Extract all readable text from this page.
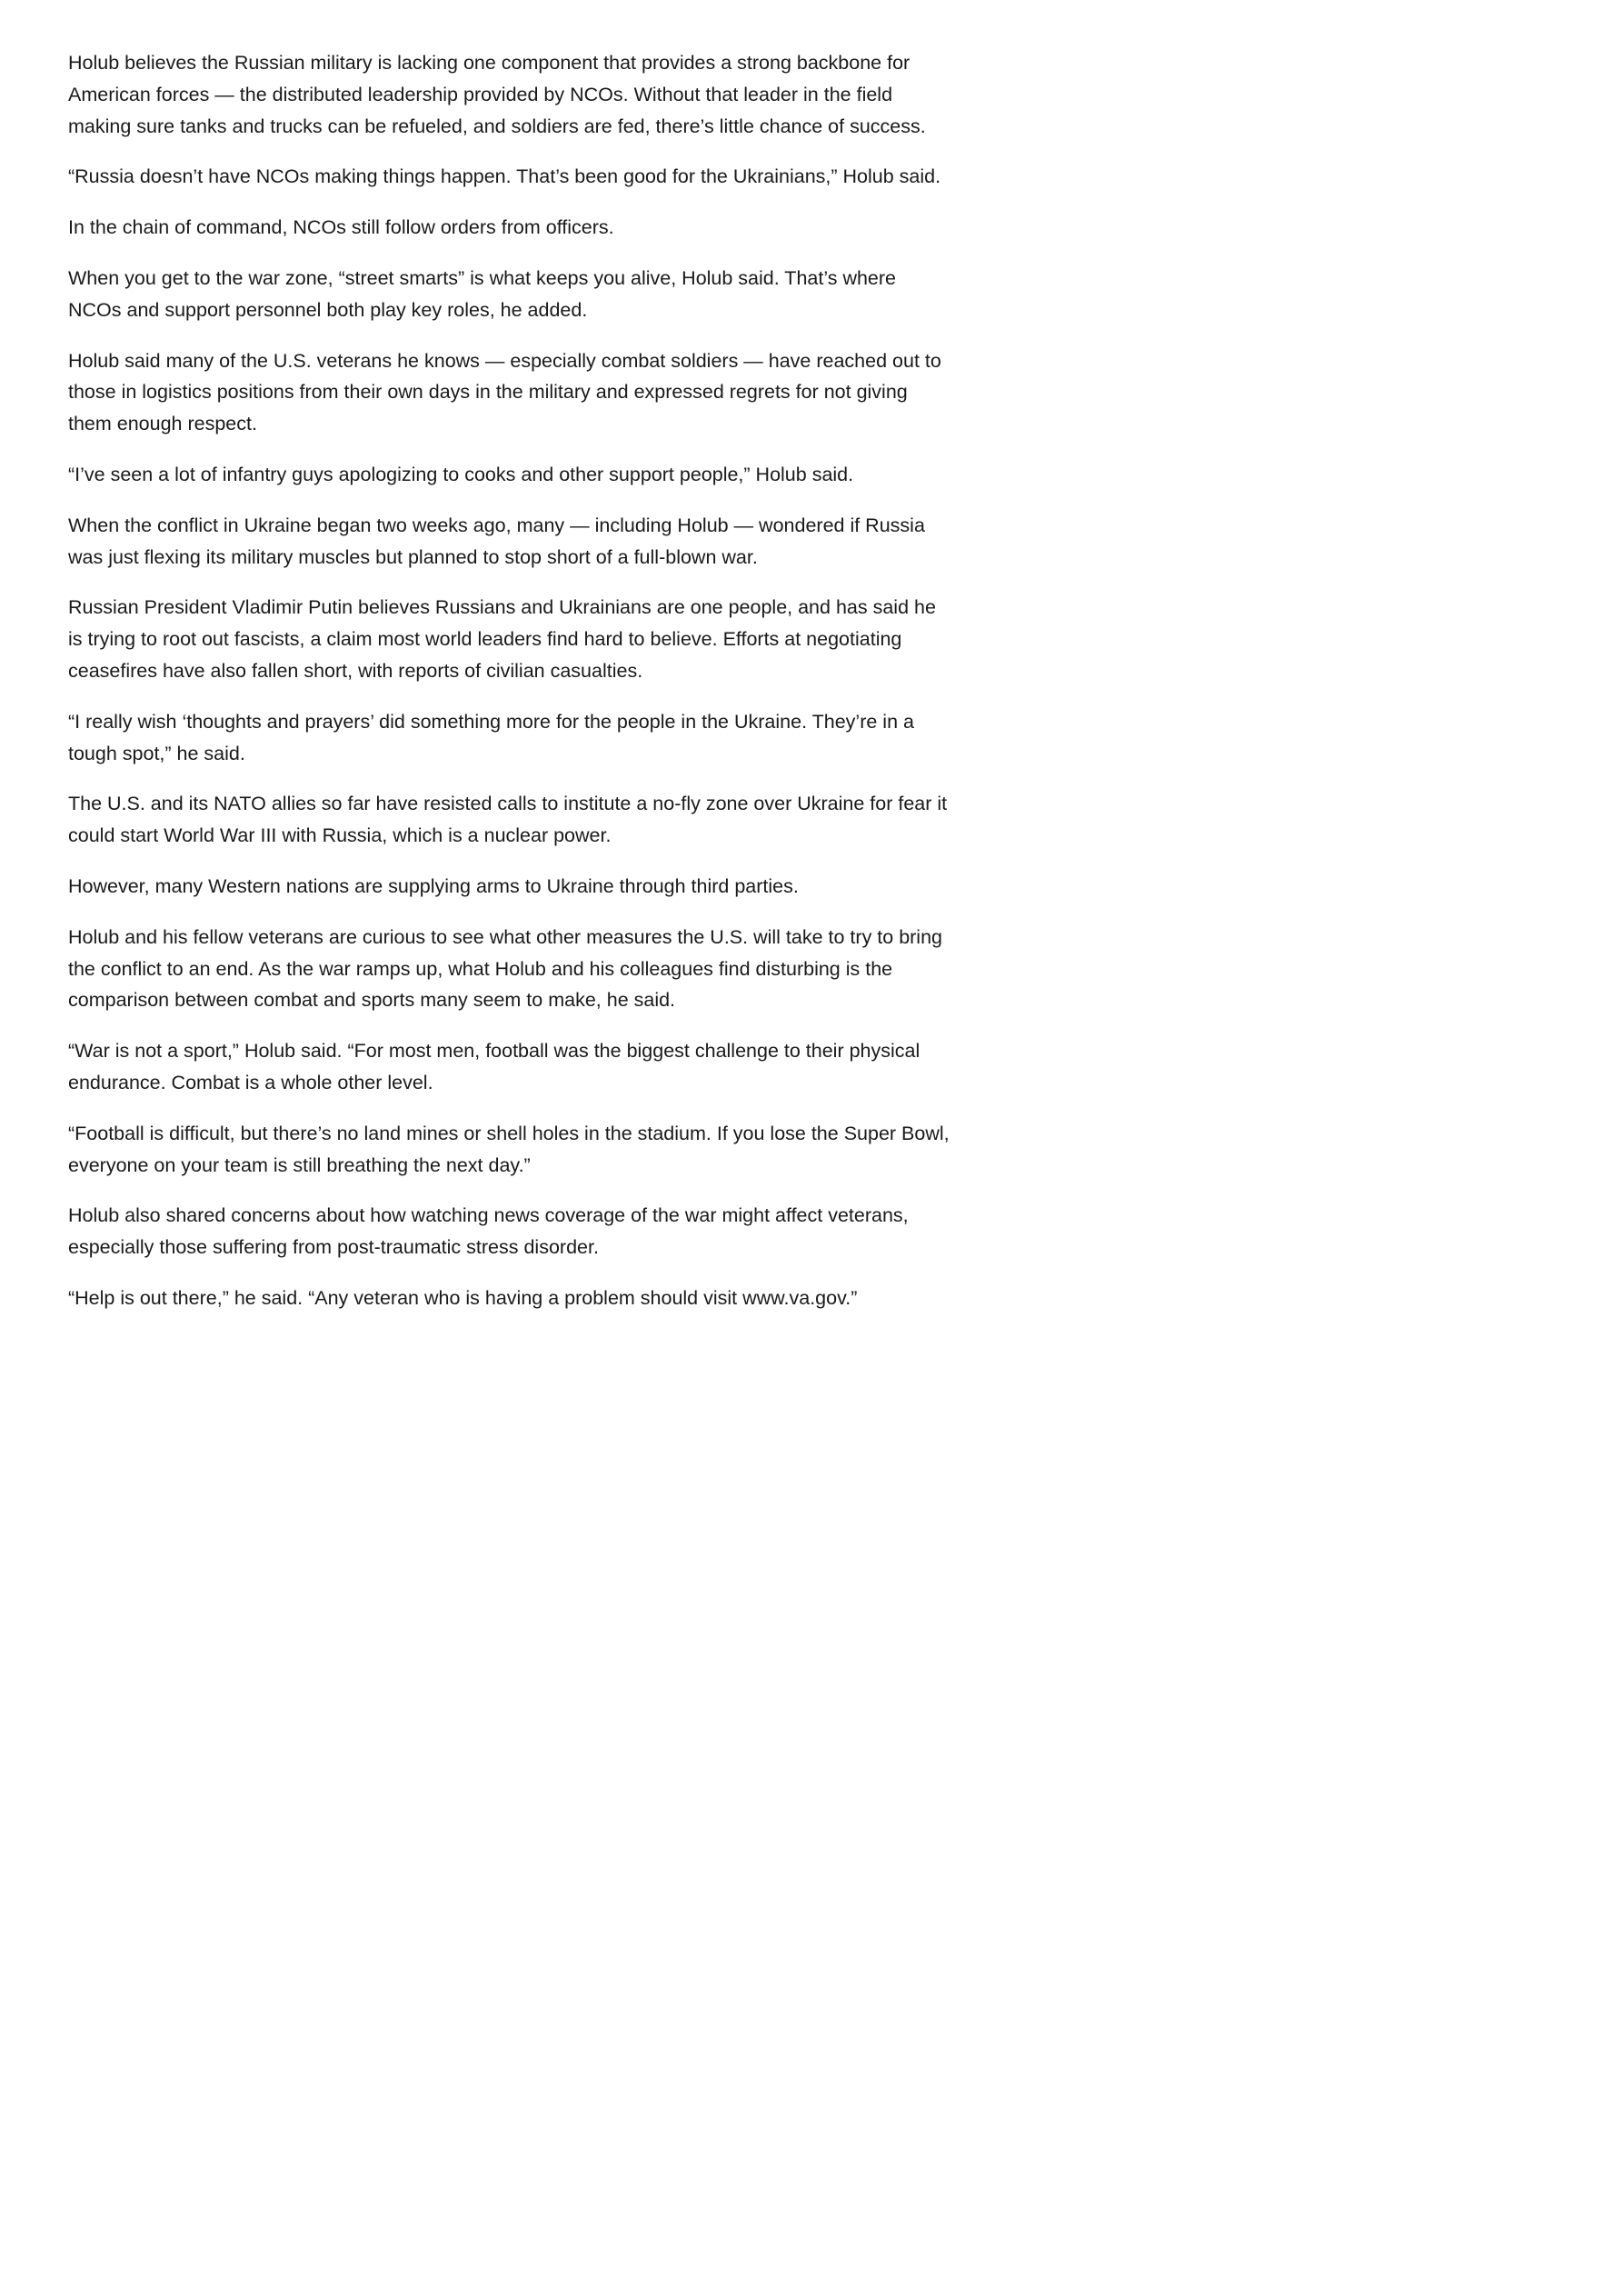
Holub believes the Russian military is lacking one component that provides a strong backbone for American forces — the distributed leadership provided by NCOs. Without that leader in the field making sure tanks and trucks can be refueled, and soldiers are fed, there’s little chance of success.

“Russia doesn’t have NCOs making things happen. That’s been good for the Ukrainians,” Holub said.

In the chain of command, NCOs still follow orders from officers.

When you get to the war zone, “street smarts” is what keeps you alive, Holub said. That’s where NCOs and support personnel both play key roles, he added.

Holub said many of the U.S. veterans he knows — especially combat soldiers — have reached out to those in logistics positions from their own days in the military and expressed regrets for not giving them enough respect.

“I’ve seen a lot of infantry guys apologizing to cooks and other support people,” Holub said.

When the conflict in Ukraine began two weeks ago, many — including Holub — wondered if Russia was just flexing its military muscles but planned to stop short of a full-blown war.

Russian President Vladimir Putin believes Russians and Ukrainians are one people, and has said he is trying to root out fascists, a claim most world leaders find hard to believe. Efforts at negotiating ceasefires have also fallen short, with reports of civilian casualties.

“I really wish ‘thoughts and prayers’ did something more for the people in the Ukraine. They’re in a tough spot,” he said.

The U.S. and its NATO allies so far have resisted calls to institute a no-fly zone over Ukraine for fear it could start World War III with Russia, which is a nuclear power.

However, many Western nations are supplying arms to Ukraine through third parties.

Holub and his fellow veterans are curious to see what other measures the U.S. will take to try to bring the conflict to an end. As the war ramps up, what Holub and his colleagues find disturbing is the comparison between combat and sports many seem to make, he said.

“War is not a sport,” Holub said. “For most men, football was the biggest challenge to their physical endurance. Combat is a whole other level.

“Football is difficult, but there’s no land mines or shell holes in the stadium. If you lose the Super Bowl, everyone on your team is still breathing the next day.”

Holub also shared concerns about how watching news coverage of the war might affect veterans, especially those suffering from post-traumatic stress disorder.

“Help is out there,” he said. “Any veteran who is having a problem should visit www.va.gov.”
